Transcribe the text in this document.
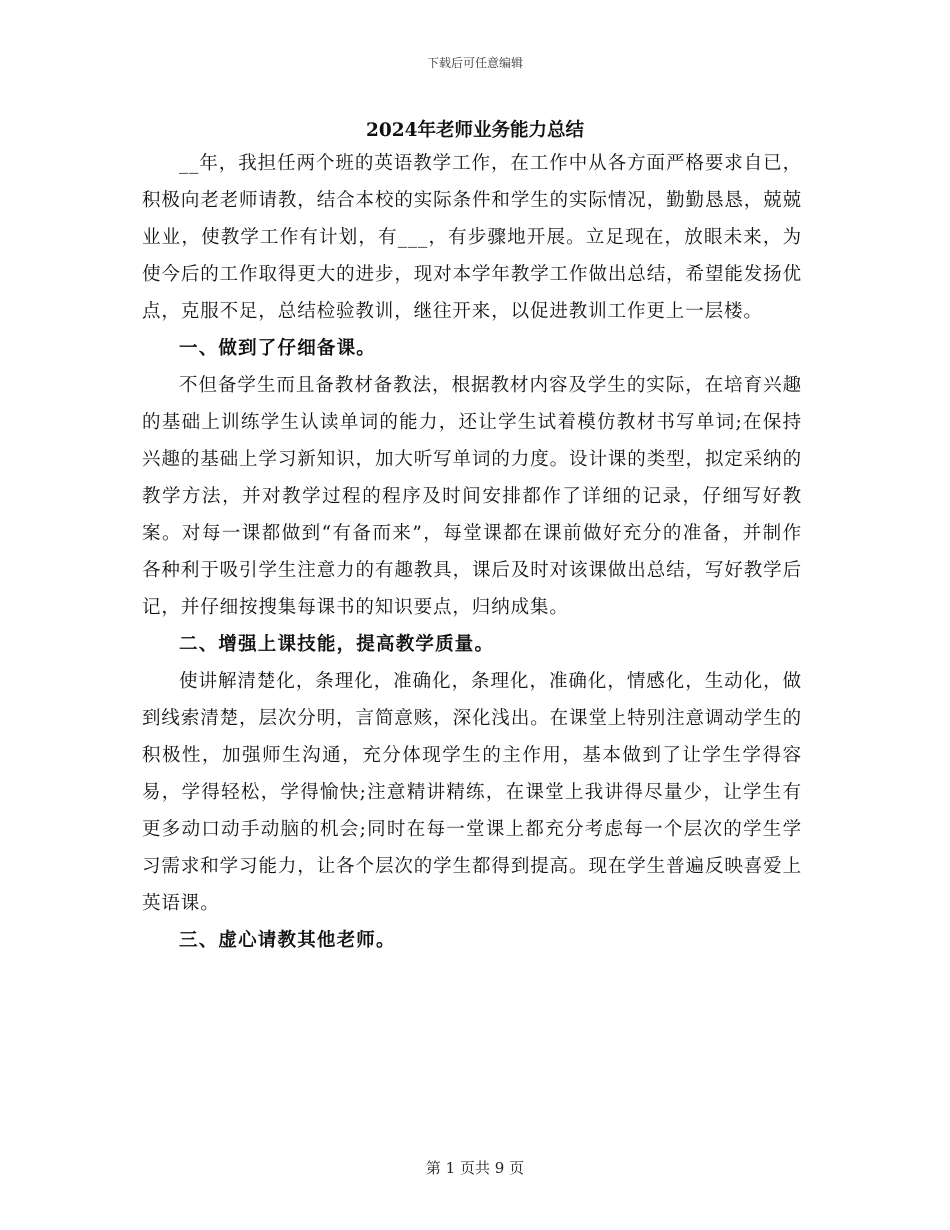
下载后可任意编辑
2024年老师业务能力总结

__年，我担任两个班的英语教学工作，在工作中从各方面严格要求自已，积极向老老师请教，结合本校的实际条件和学生的实际情况，勤勤恳恳，兢兢业业，使教学工作有计划，有___，有步骤地开展。立足现在，放眼未来，为使今后的工作取得更大的进步，现对本学年教学工作做出总结，希望能发扬优点，克服不足，总结检验教训，继往开来，以促进教训工作更上一层楼。

一、做到了仔细备课。

不但备学生而且备教材备教法，根据教材内容及学生的实际，在培育兴趣的基础上训练学生认读单词的能力，还让学生试着模仿教材书写单词;在保持兴趣的基础上学习新知识，加大听写单词的力度。设计课的类型，拟定采纳的教学方法，并对教学过程的程序及时间安排都作了详细的记录，仔细写好教案。对每一课都做到“有备而来”，每堂课都在课前做好充分的准备，并制作各种利于吸引学生注意力的有趣教具，课后及时对该课做出总结，写好教学后记，并仔细按搜集每课书的知识要点，归纳成集。

二、增强上课技能，提高教学质量。

使讲解清楚化，条理化，准确化，条理化，准确化，情感化，生动化，做到线索清楚，层次分明，言简意赅，深化浅出。在课堂上特别注意调动学生的积极性，加强师生沟通，充分体现学生的主作用，基本做到了让学生学得容易，学得轻松，学得愉快;注意精讲精练，在课堂上我讲得尽量少，让学生有更多动口动手动脑的机会;同时在每一堂课上都充分考虑每一个层次的学生学习需求和学习能力，让各个层次的学生都得到提高。现在学生普遍反映喜爱上英语课。

三、虚心请教其他老师。

第 1 页共 9 页
